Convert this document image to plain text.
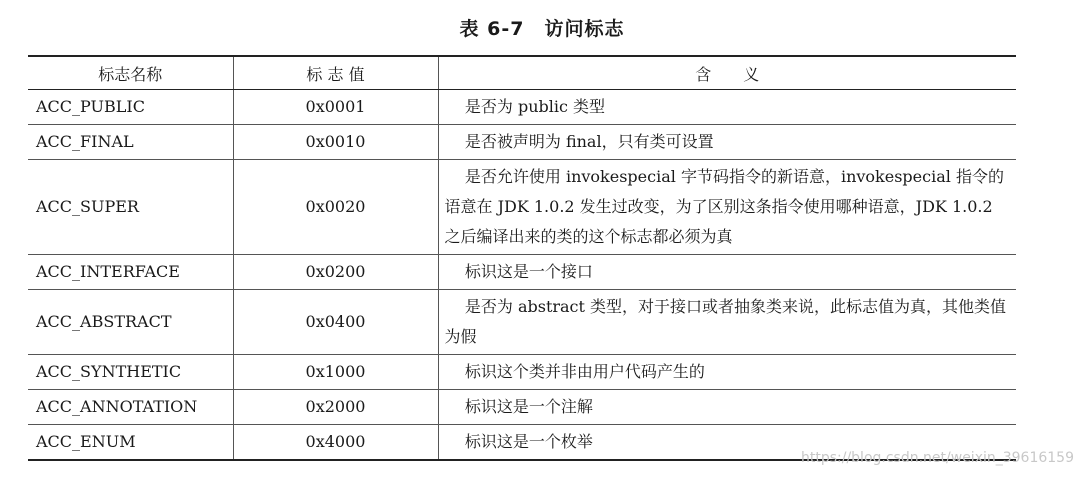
表 6-7　访问标志
标志名称	标 志 值	含　　义
ACC_PUBLIC	0x0001	是否为 public 类型
ACC_FINAL	0x0010	是否被声明为 final，只有类可设置
ACC_SUPER	0x0020	是否允许使用 invokespecial 字节码指令的新语意，invokespecial 指令的语意在 JDK 1.0.2 发生过改变，为了区别这条指令使用哪种语意，JDK 1.0.2 之后编译出来的类的这个标志都必须为真
ACC_INTERFACE	0x0200	标识这是一个接口
ACC_ABSTRACT	0x0400	是否为 abstract 类型，对于接口或者抽象类来说，此标志值为真，其他类值为假
ACC_SYNTHETIC	0x1000	标识这个类并非由用户代码产生的
ACC_ANNOTATION	0x2000	标识这是一个注解
ACC_ENUM	0x4000	标识这是一个枚举
https://blog.csdn.net/weixin_39616159
